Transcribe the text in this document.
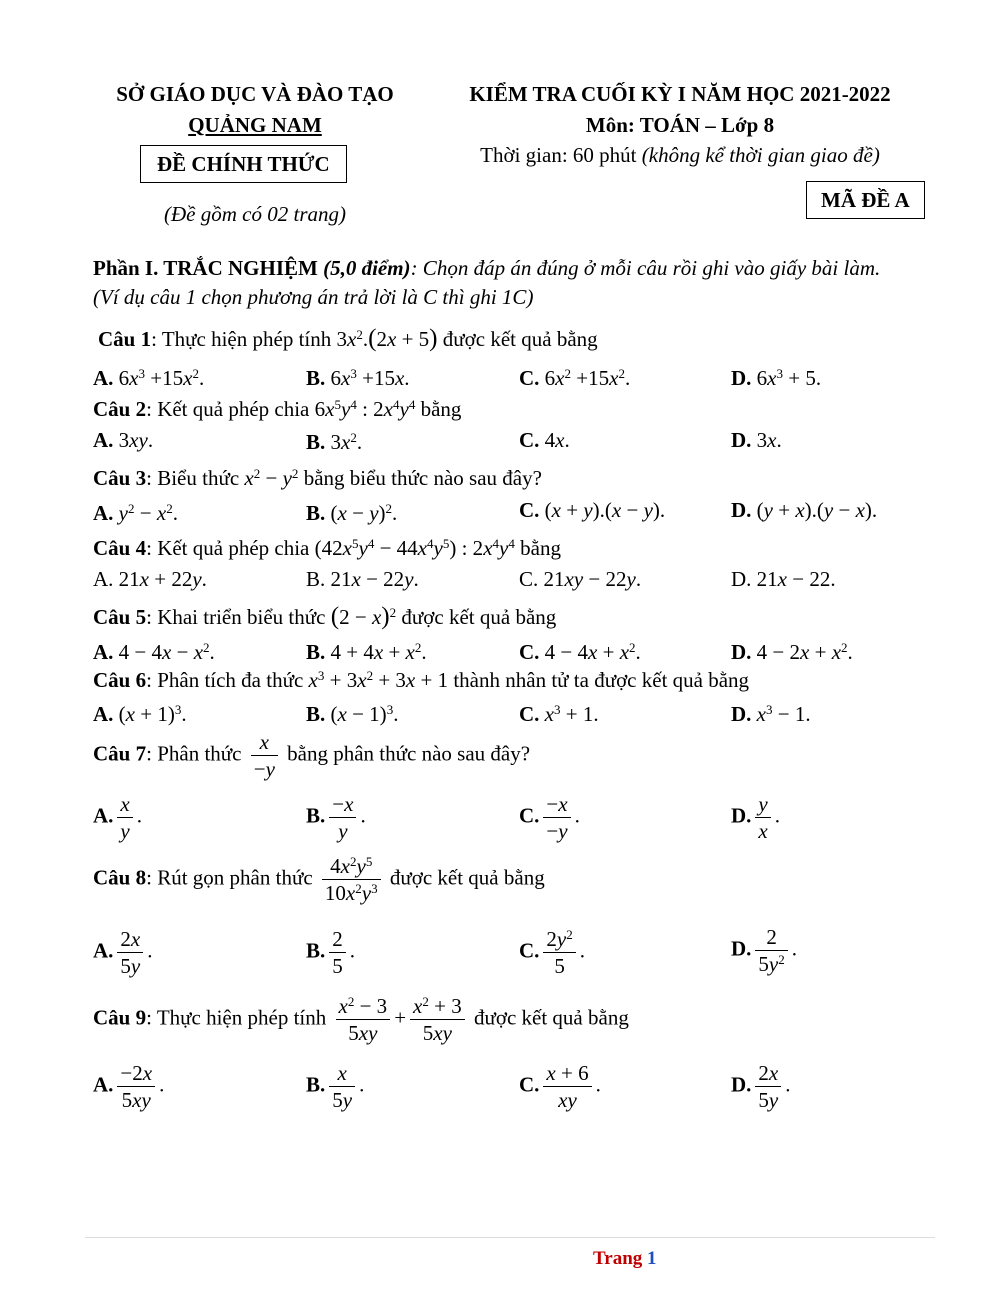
SỞ GIÁO DỤC VÀ ĐÀO TẠO
QUẢNG NAM
ĐỀ CHÍNH THỨC
(Đề gồm có 02 trang)
KIỂM TRA CUỐI KỲ I NĂM HỌC 2021-2022
Môn: TOÁN – Lớp 8
Thời gian: 60 phút (không kể thời gian giao đề)
MÃ ĐỀ A
Phần I. TRẮC NGHIỆM (5,0 điểm): Chọn đáp án đúng ở mỗi câu rồi ghi vào giấy bài làm.
(Ví dụ câu 1 chọn phương án trả lời là C thì ghi 1C)
Câu 1: Thực hiện phép tính $3x^2.(2x + 5)$ được kết quả bằng
A. $6x^3 +15x^2$.	B. $6x^3 +15x$.	C. $6x^2 +15x^2$.	D. $6x^3 + 5$.
Câu 2: Kết quả phép chia $6x^5y^4$ : $2x^4y^4$ bằng
A. 3xy.	B. $3x^2$.	C. 4x.	D. 3x.
Câu 3: Biểu thức $x^2 - y^2$ bằng biểu thức nào sau đây?
A. $y^2 - x^2$.	B. $(x - y)^2$.	C. (x + y).(x − y).	D. (y + x).(y − x).
Câu 4: Kết quả phép chia $(42x^5y^4 - 44x^4y^5)$ : $2x^4y^4$ bằng
A. 21x + 22y.	B. 21x − 22y.	C. 21xy − 22y.	D. 21x − 22.
Câu 5: Khai triển biểu thức $(2 - x)^2$ được kết quả bằng
A. $4 - 4x - x^2$.	B. $4 + 4x + x^2$.	C. $4 - 4x + x^2$.	D. $4 - 2x + x^2$.
Câu 6: Phân tích đa thức $x^3 + 3x^2 + 3x + 1$ thành nhân tử ta được kết quả bằng
A. $(x + 1)^3$.	B. $(x - 1)^3$.	C. $x^3 + 1$.	D. $x^3 - 1$.
Câu 7: Phân thức $\frac{x}{-y}$ bằng phân thức nào sau đây?
A. $\frac{x}{y}$ .	B. $\frac{-x}{y}$ .	C. $\frac{-x}{-y}$ .	D. $\frac{y}{x}$ .
Câu 8: Rút gọn phân thức $\frac{4x^2y^5}{10x^2y^3}$ được kết quả bằng
A. $\frac{2x}{5y}$ .	B. $\frac{2}{5}$ .	C. $\frac{2y^2}{5}$ .	D. $\frac{2}{5y^2}$ .
Câu 9: Thực hiện phép tính $\frac{x^2 - 3}{5xy} + \frac{x^2 + 3}{5xy}$ được kết quả bằng
A. $\frac{-2x}{5xy}$ .	B. $\frac{x}{5y}$ .	C. $\frac{x + 6}{xy}$ .	D. $\frac{2x}{5y}$ .
Trang 1
